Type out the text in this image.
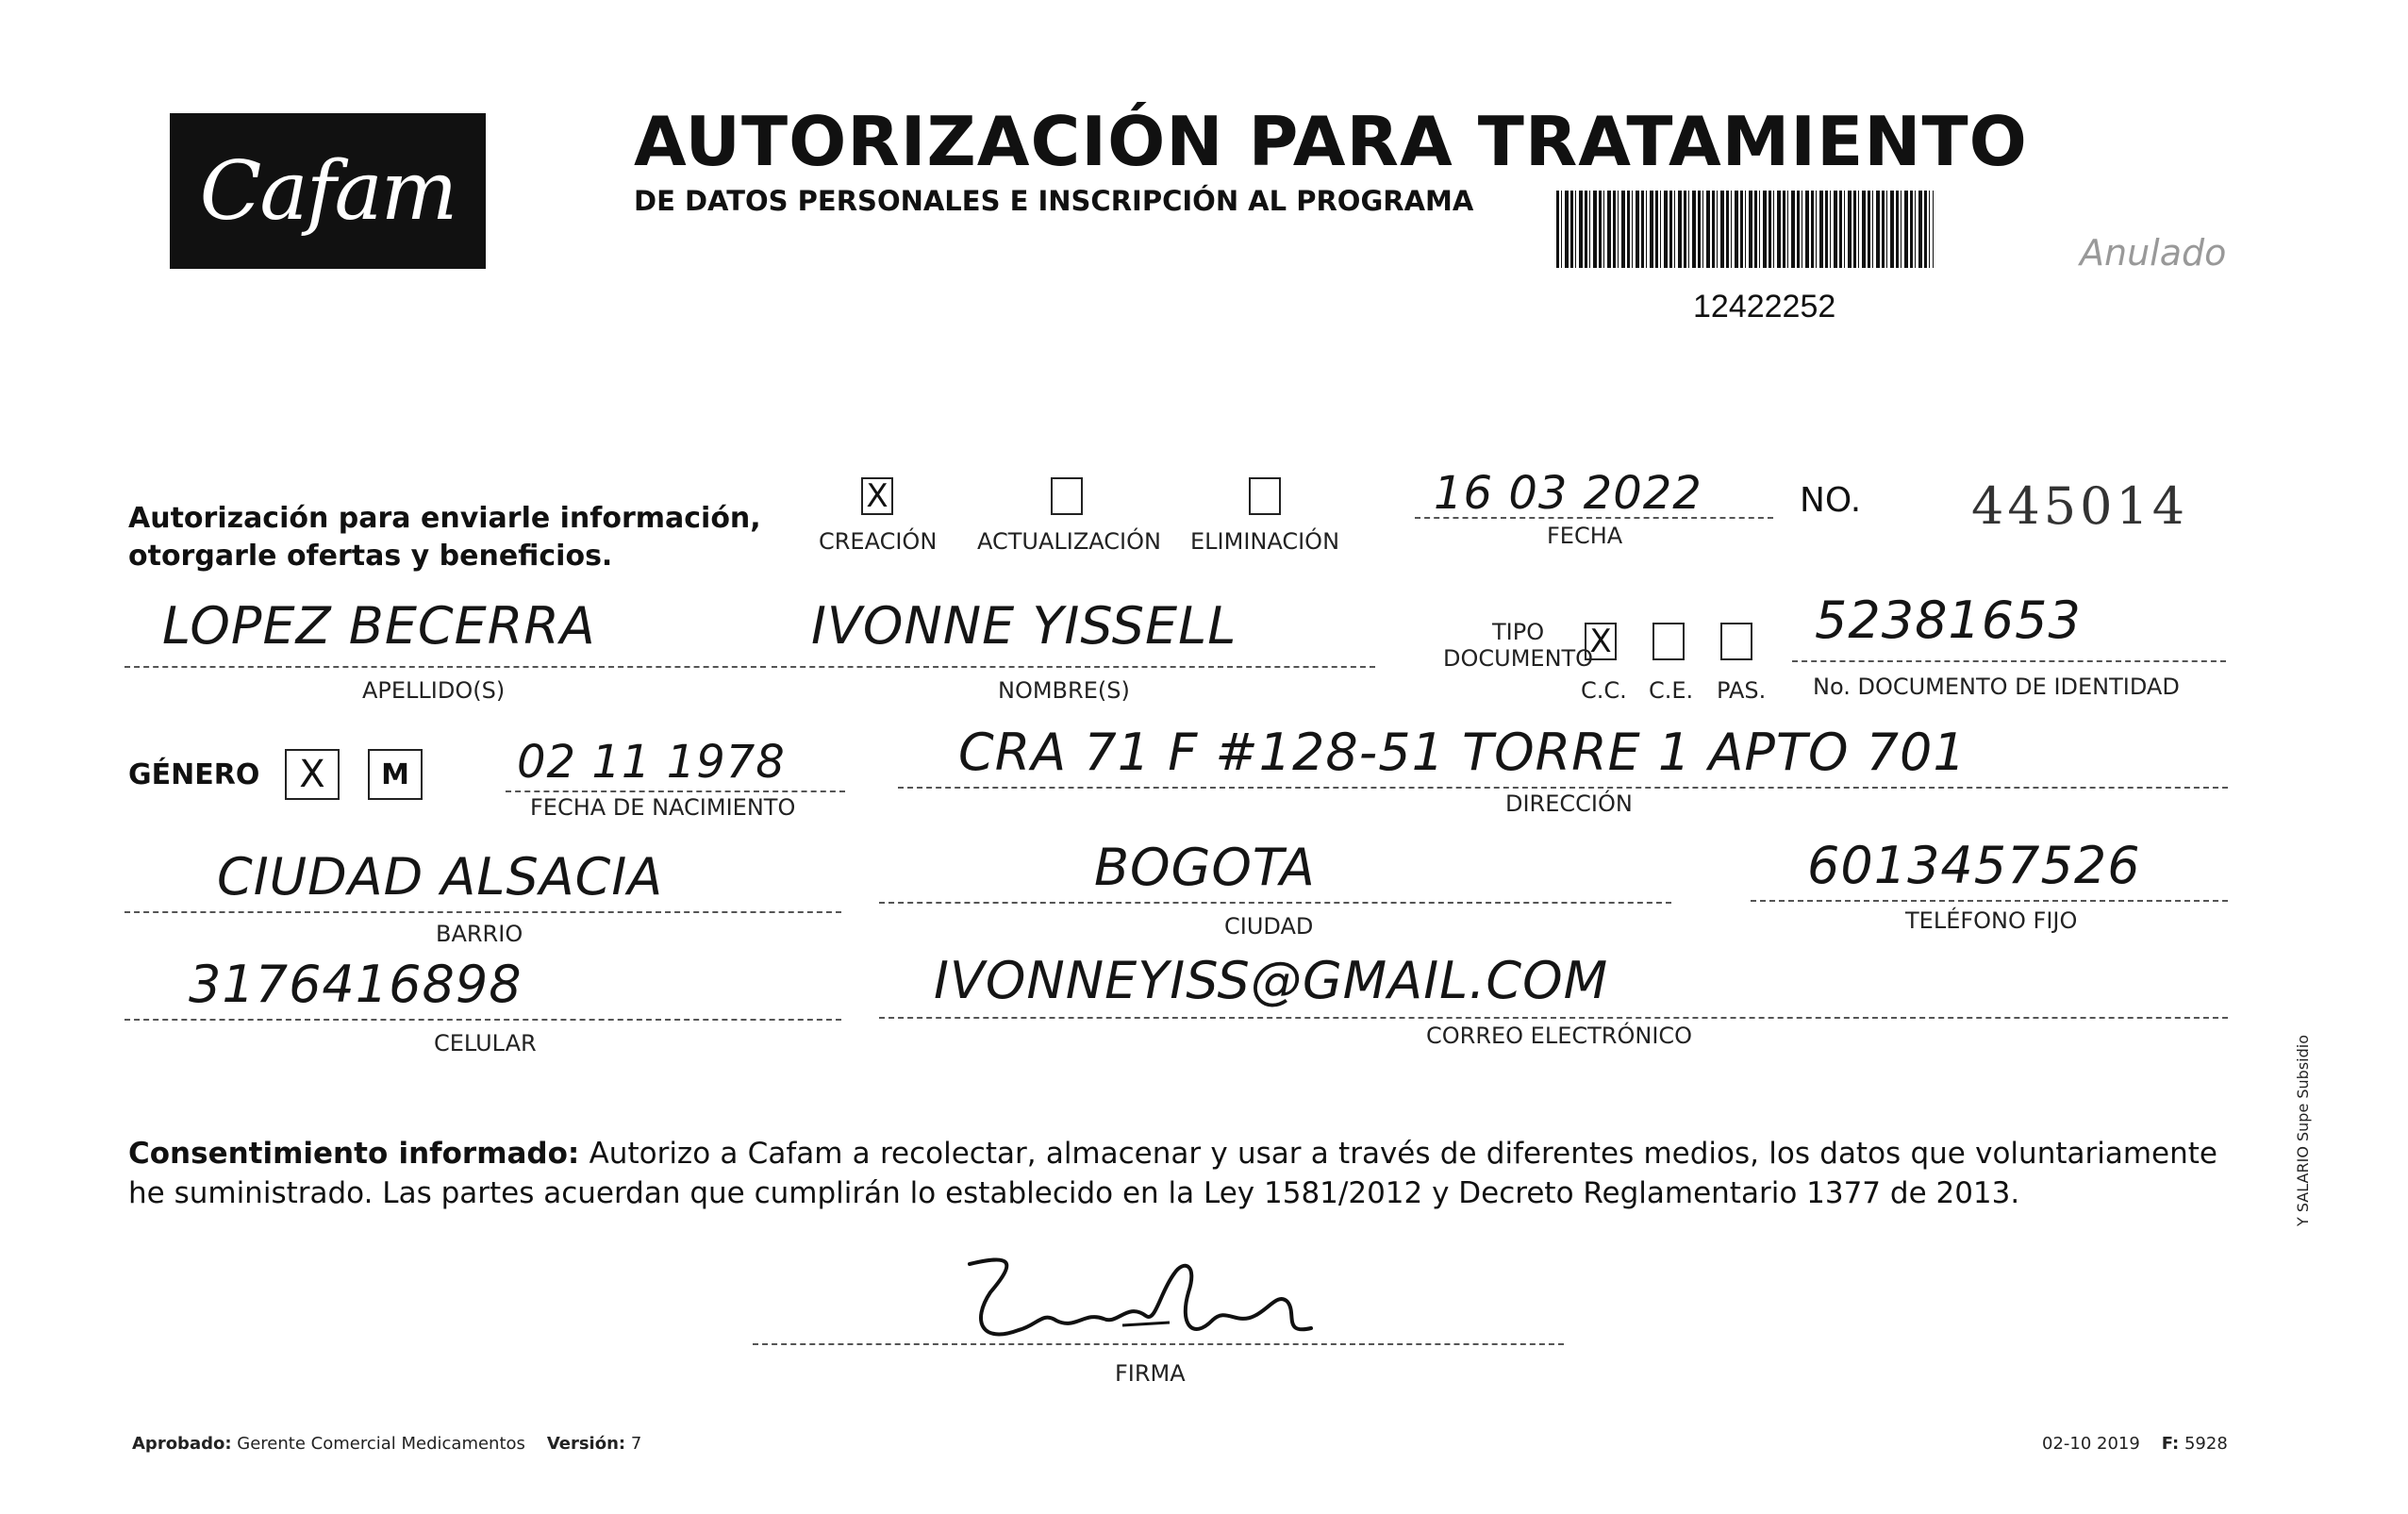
Cafam
AUTORIZACIÓN PARA TRATAMIENTO
DE DATOS PERSONALES E INSCRIPCIÓN AL PROGRAMA
12422252
Anulado
Autorización para enviarle información,
otorgarle ofertas y beneficios.
X
CREACIÓN ACTUALIZACIÓN ELIMINACIÓN
16 03 2022
FECHA
NO. 445014
LOPEZ BECERRA
APELLIDO(S)
IVONNE YISSELL
NOMBRE(S)
TIPO
DOCUMENTO
X
C.C. C.E. PAS.
52381653
No. DOCUMENTO DE IDENTIDAD
GÉNERO X M 02 11 1978
FECHA DE NACIMIENTO
CRA 71 F #128-51 TORRE 1 APTO 701
DIRECCIÓN
CIUDAD ALSACIA
BARRIO
BOGOTA
CIUDAD
6013457526
TELÉFONO FIJO
3176416898
CELULAR
IVONNEYISS@GMAIL.COM
CORREO ELECTRÓNICO
Consentimiento informado: Autorizo a Cafam a recolectar, almacenar y usar a través de diferentes medios, los datos que voluntariamente he suministrado. Las partes acuerdan que cumplirán lo establecido en la Ley 1581/2012 y Decreto Reglamentario 1377 de 2013.
FIRMA
Aprobado: Gerente Comercial Medicamentos Versión: 7	02-10 2019 F: 5928
Y SALARIO Supe Subsidio
